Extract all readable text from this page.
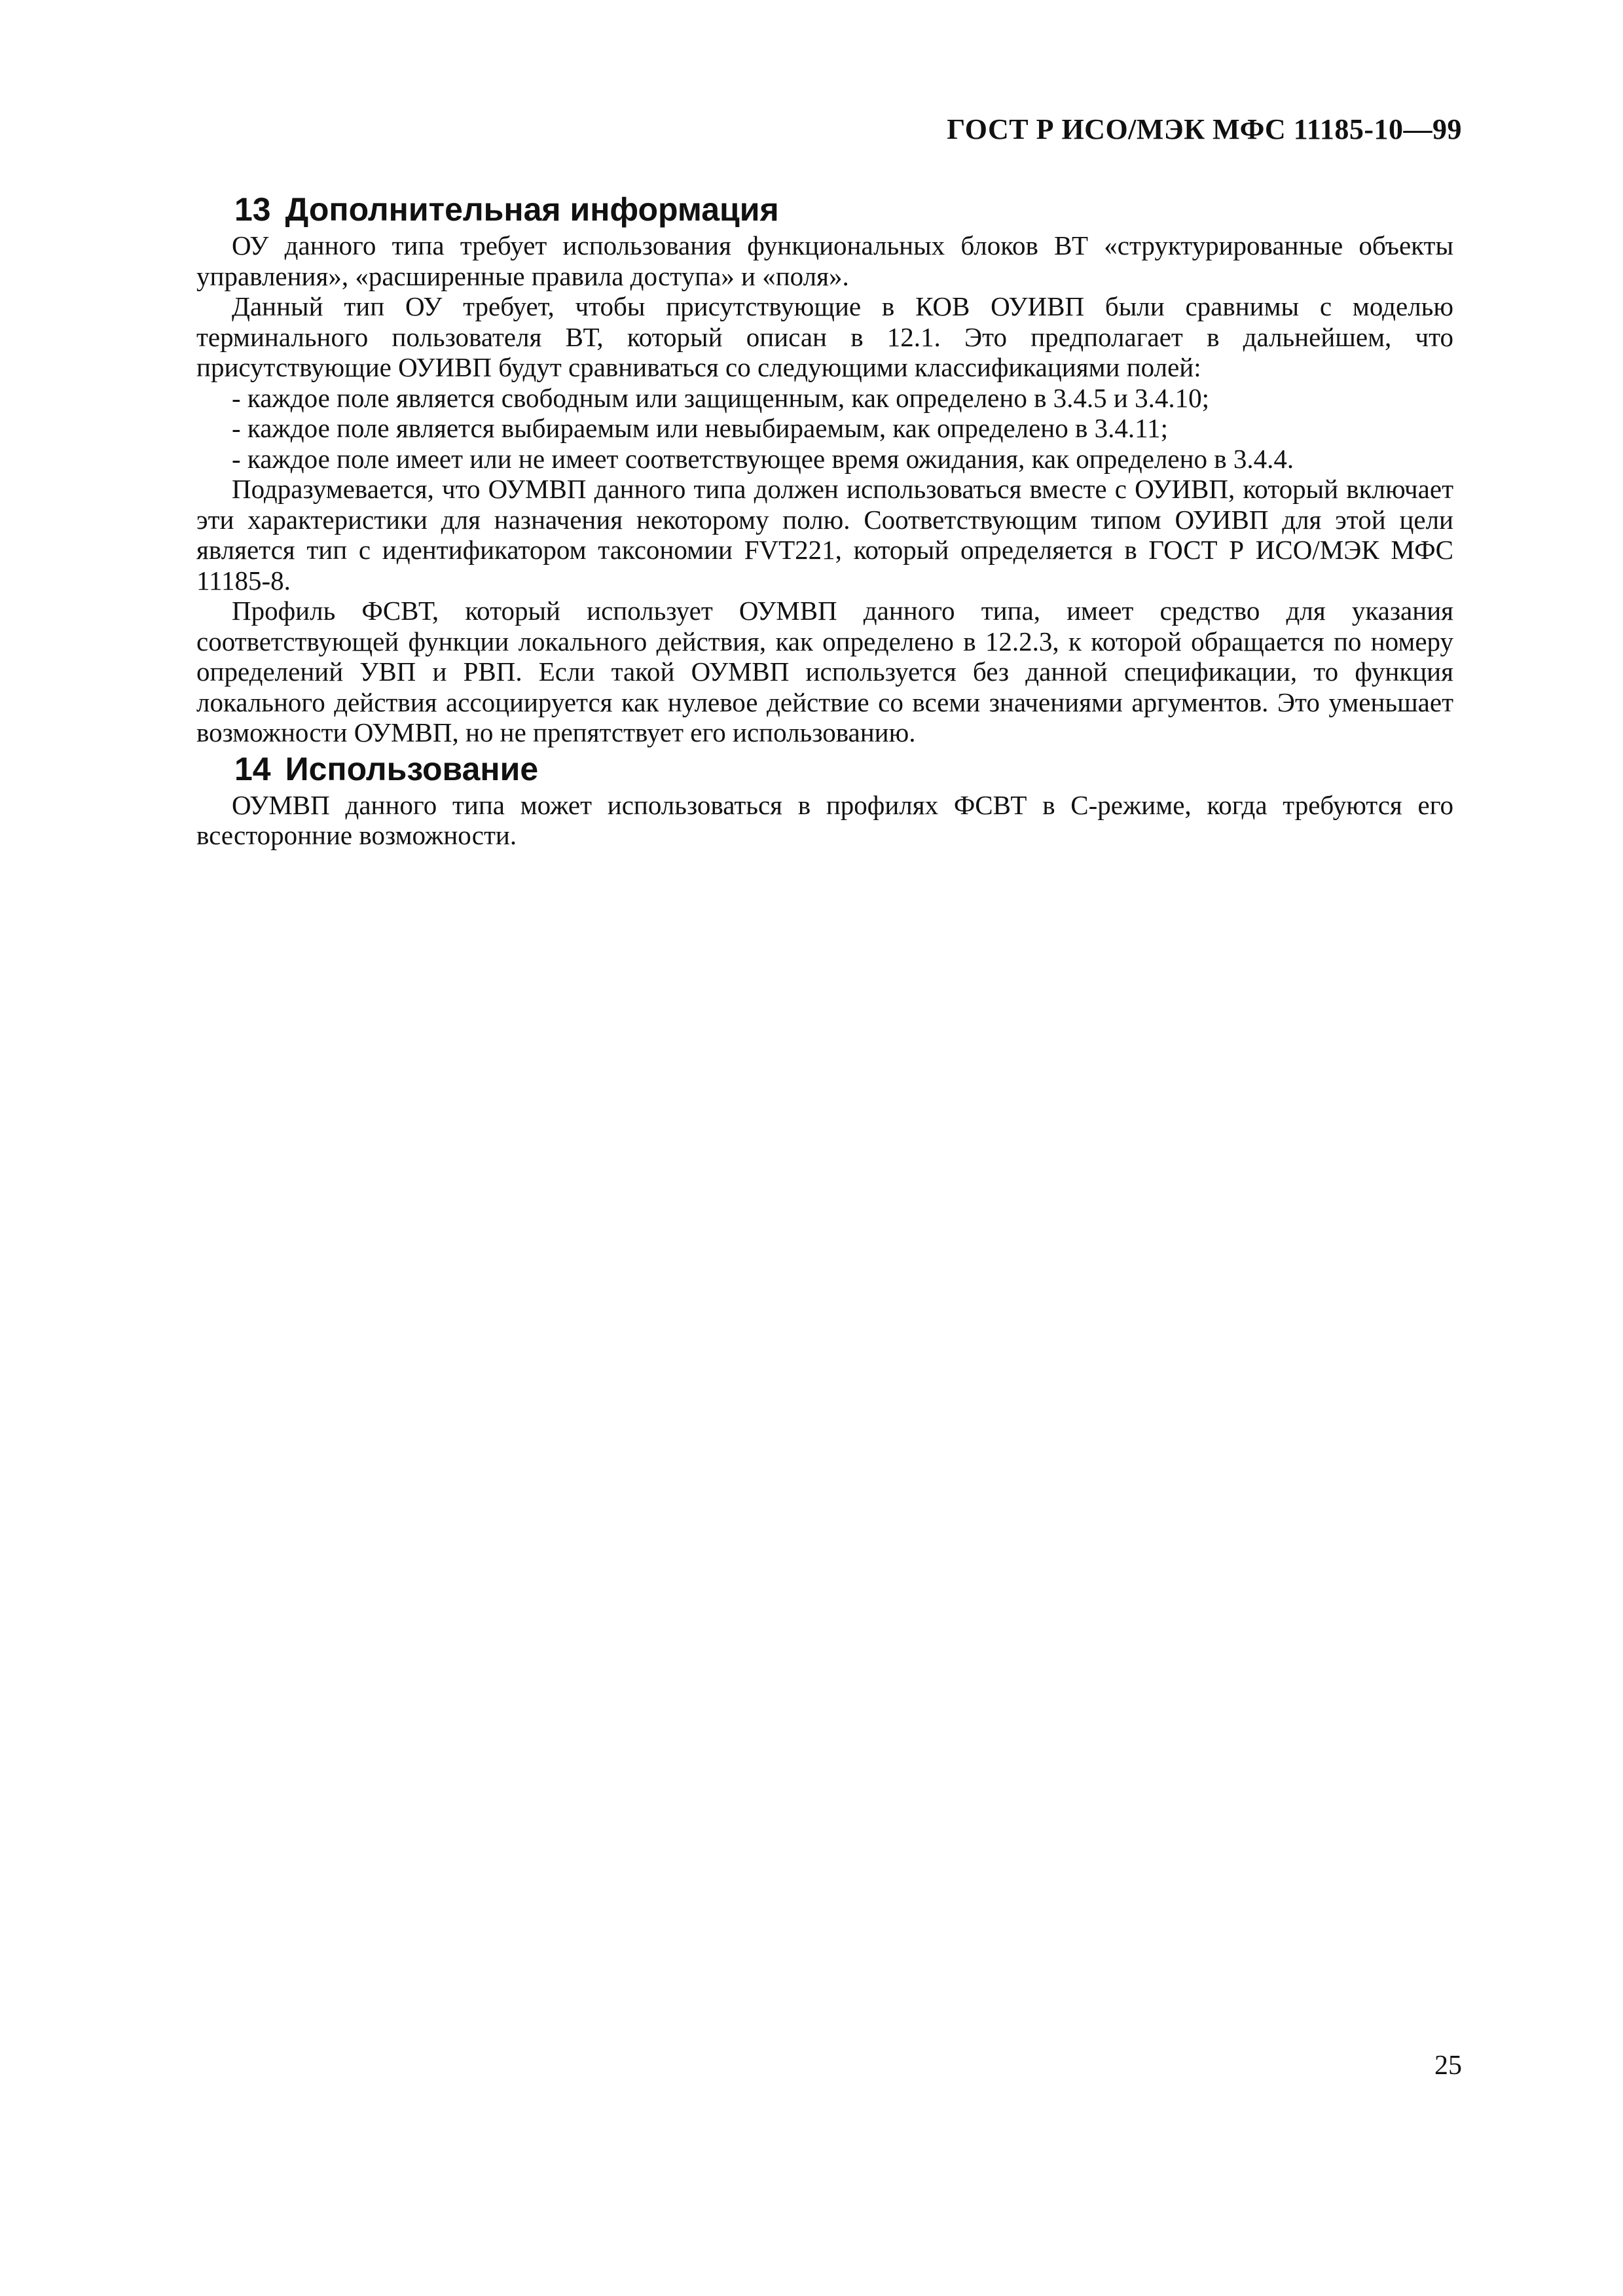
ГОСТ Р ИСО/МЭК МФС 11185-10—99
13 Дополнительная информация

ОУ данного типа требует использования функциональных блоков ВТ «структурированные объекты управления», «расширенные правила доступа» и «поля».

Данный тип ОУ требует, чтобы присутствующие в КОВ ОУИВП были сравнимы с моделью терминального пользователя ВТ, который описан в 12.1. Это предполагает в дальнейшем, что присутствующие ОУИВП будут сравниваться со следующими классификациями полей:

- каждое поле является свободным или защищенным, как определено в 3.4.5 и 3.4.10;

- каждое поле является выбираемым или невыбираемым, как определено в 3.4.11;

- каждое поле имеет или не имеет соответствующее время ожидания, как определено в 3.4.4.

Подразумевается, что ОУМВП данного типа должен использоваться вместе с ОУИВП, который включает эти характеристики для назначения некоторому полю. Соответствующим типом ОУИВП для этой цели является тип с идентификатором таксономии FVT221, который определяется в ГОСТ Р ИСО/МЭК МФС 11185-8.

Профиль ФСВТ, который использует ОУМВП данного типа, имеет средство для указания соответствующей функции локального действия, как определено в 12.2.3, к которой обращается по номеру определений УВП и РВП. Если такой ОУМВП используется без данной спецификации, то функция локального действия ассоциируется как нулевое действие со всеми значениями аргументов. Это уменьшает возможности ОУМВП, но не препятствует его использованию.

14 Использование

ОУМВП данного типа может использоваться в профилях ФСВТ в С-режиме, когда требуются его всесторонние возможности.

25
